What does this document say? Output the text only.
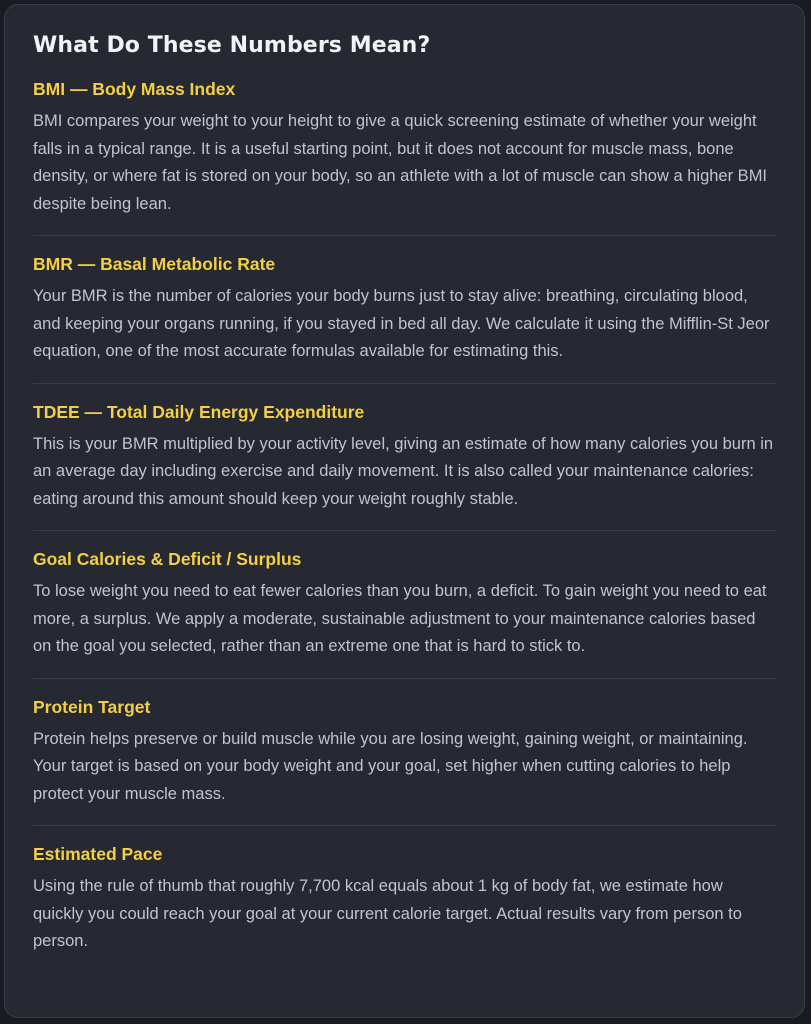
What Do These Numbers Mean?
BMI — Body Mass Index

BMI compares your weight to your height to give a quick screening estimate of whether your weight falls in a typical range. It is a useful starting point, but it does not account for muscle mass, bone density, or where fat is stored on your body, so an athlete with a lot of muscle can show a higher BMI despite being lean.

BMR — Basal Metabolic Rate

Your BMR is the number of calories your body burns just to stay alive: breathing, circulating blood, and keeping your organs running, if you stayed in bed all day. We calculate it using the Mifflin-St Jeor equation, one of the most accurate formulas available for estimating this.

TDEE — Total Daily Energy Expenditure

This is your BMR multiplied by your activity level, giving an estimate of how many calories you burn in an average day including exercise and daily movement. It is also called your maintenance calories: eating around this amount should keep your weight roughly stable.

Goal Calories & Deficit / Surplus

To lose weight you need to eat fewer calories than you burn, a deficit. To gain weight you need to eat more, a surplus. We apply a moderate, sustainable adjustment to your maintenance calories based on the goal you selected, rather than an extreme one that is hard to stick to.

Protein Target

Protein helps preserve or build muscle while you are losing weight, gaining weight, or maintaining. Your target is based on your body weight and your goal, set higher when cutting calories to help protect your muscle mass.

Estimated Pace

Using the rule of thumb that roughly 7,700 kcal equals about 1 kg of body fat, we estimate how quickly you could reach your goal at your current calorie target. Actual results vary from person to person.
